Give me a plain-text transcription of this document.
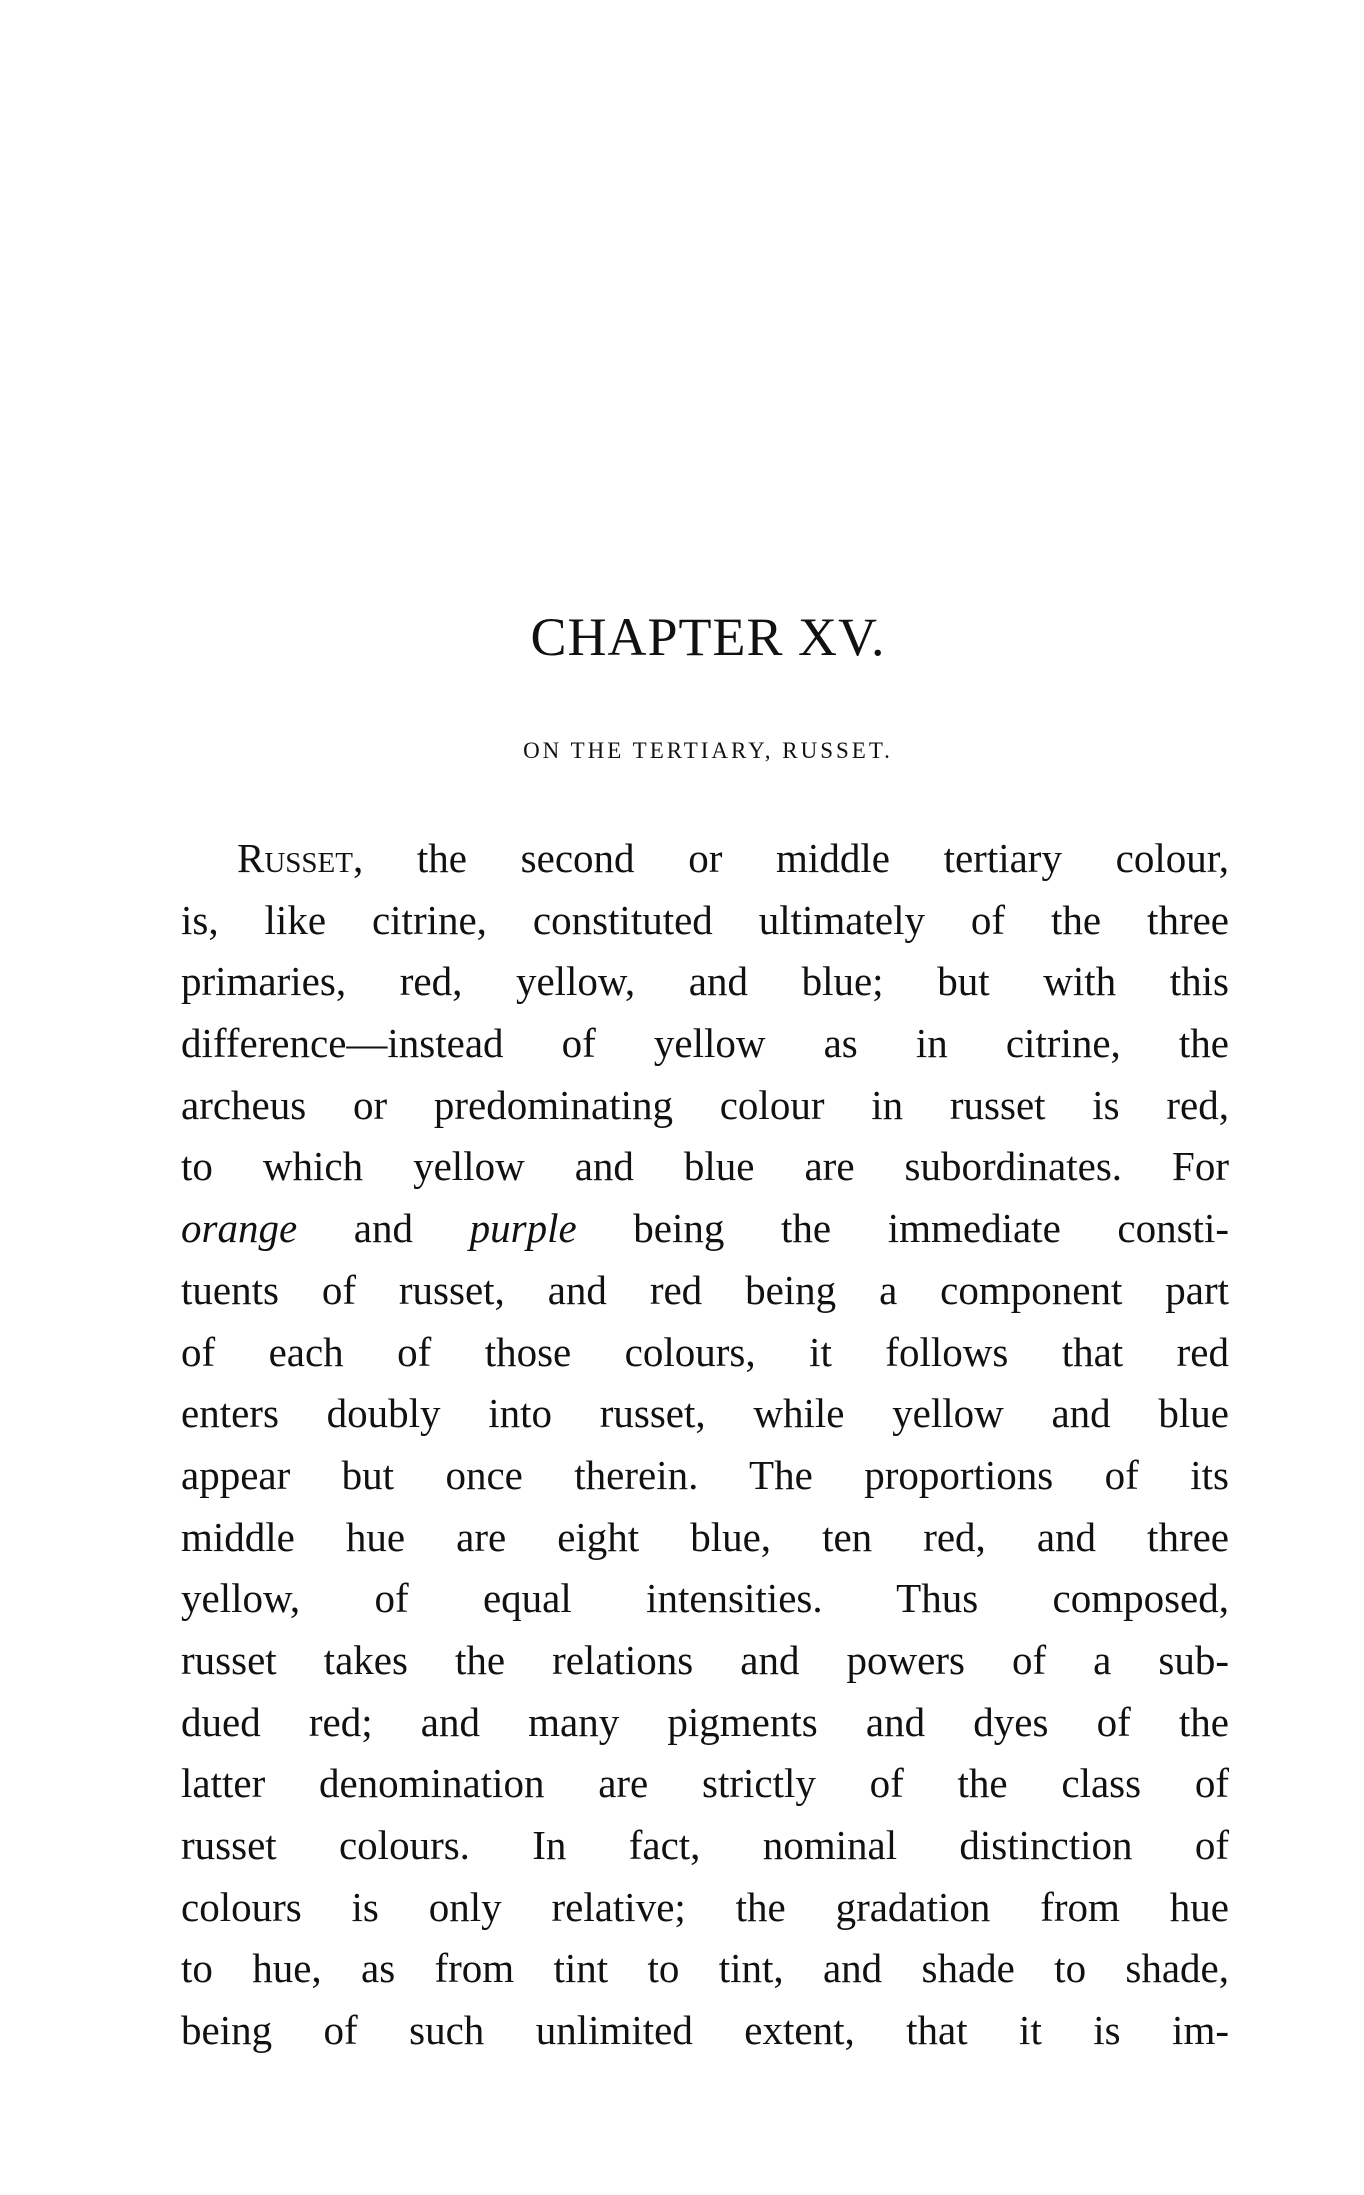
CHAPTER XV.
ON THE TERTIARY, RUSSET.
Russet, the second or middle tertiary colour,
is, like citrine, constituted ultimately of the three
primaries, red, yellow, and blue; but with this
difference—instead of yellow as in citrine, the
archeus or predominating colour in russet is red,
to which yellow and blue are subordinates. For
orange and purple being the immediate consti-
tuents of russet, and red being a component part
of each of those colours, it follows that red
enters doubly into russet, while yellow and blue
appear but once therein. The proportions of its
middle hue are eight blue, ten red, and three
yellow, of equal intensities. Thus composed,
russet takes the relations and powers of a sub-
dued red; and many pigments and dyes of the
latter denomination are strictly of the class of
russet colours. In fact, nominal distinction of
colours is only relative; the gradation from hue
to hue, as from tint to tint, and shade to shade,
being of such unlimited extent, that it is im-
